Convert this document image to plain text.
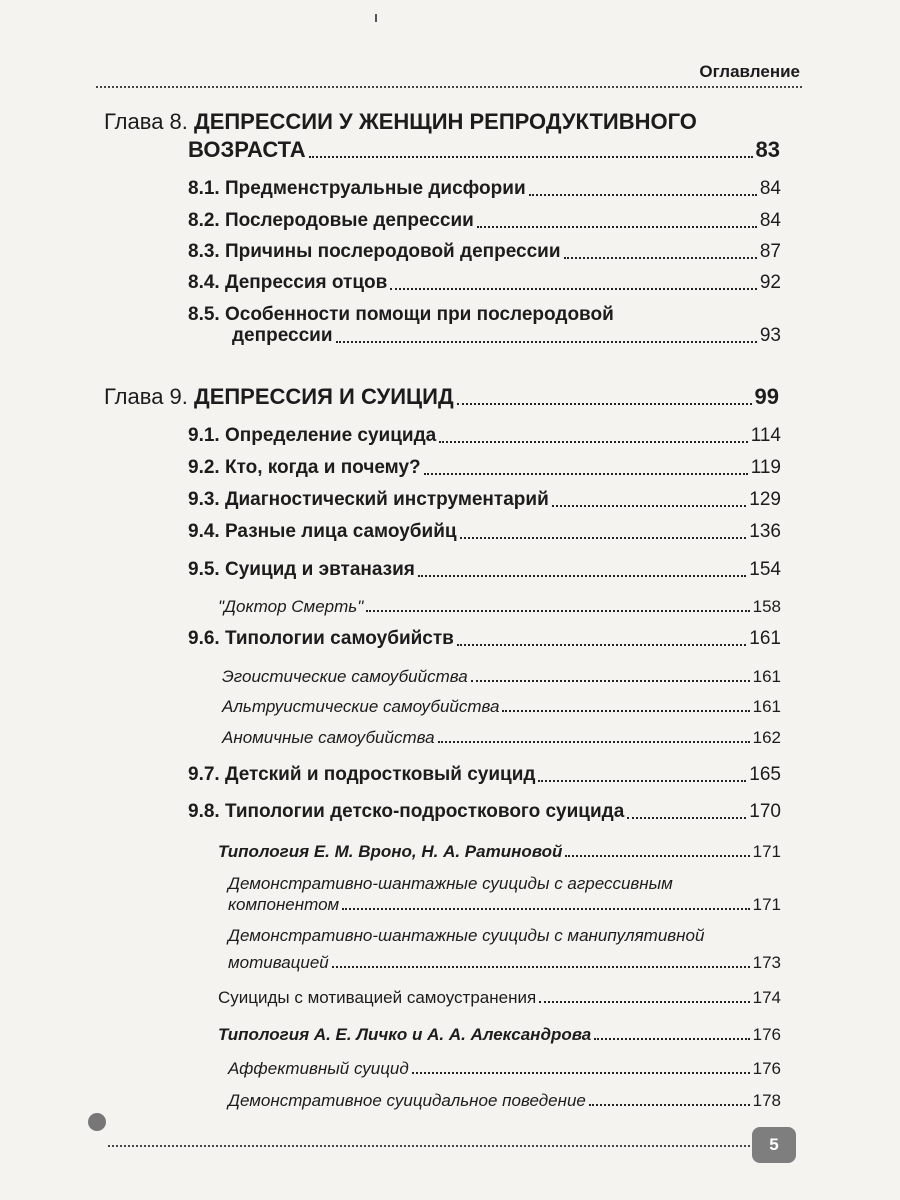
Оглавление
Глава 8.
ДЕПРЕССИИ У ЖЕНЩИН РЕПРОДУКТИВНОГО
ВОЗРАСТА	83
8.1. Предменструальные дисфории	84
8.2. Послеродовые депрессии	84
8.3. Причины послеродовой депрессии	87
8.4. Депрессия отцов	92
8.5. Особенности помощи при послеродовой
депрессии	93
Глава 9.
ДЕПРЕССИЯ И СУИЦИД	99
9.1. Определение суицида	114
9.2. Кто, когда и почему?	119
9.3. Диагностический инструментарий	129
9.4. Разные лица самоубийц	136
9.5. Суицид и эвтаназия	154
"Доктор Смерть"	158
9.6. Типологии самоубийств	161
Эгоистические самоубийства	161
Альтруистические самоубийства	161
Аномичные самоубийства	162
9.7. Детский и подростковый суицид	165
9.8. Типологии детско-подросткового суицида	170
Типология Е. М. Вроно, Н. А. Ратиновой	171
Демонстративно-шантажные суициды с агрессивным
компонентом	171
Демонстративно-шантажные суициды с манипулятивной
мотивацией	173
Суициды с мотивацией самоустранения	174
Типология А. Е. Личко и А. А. Александрова	176
Аффективный суицид	176
Демонстративное суицидальное поведение	178
5
